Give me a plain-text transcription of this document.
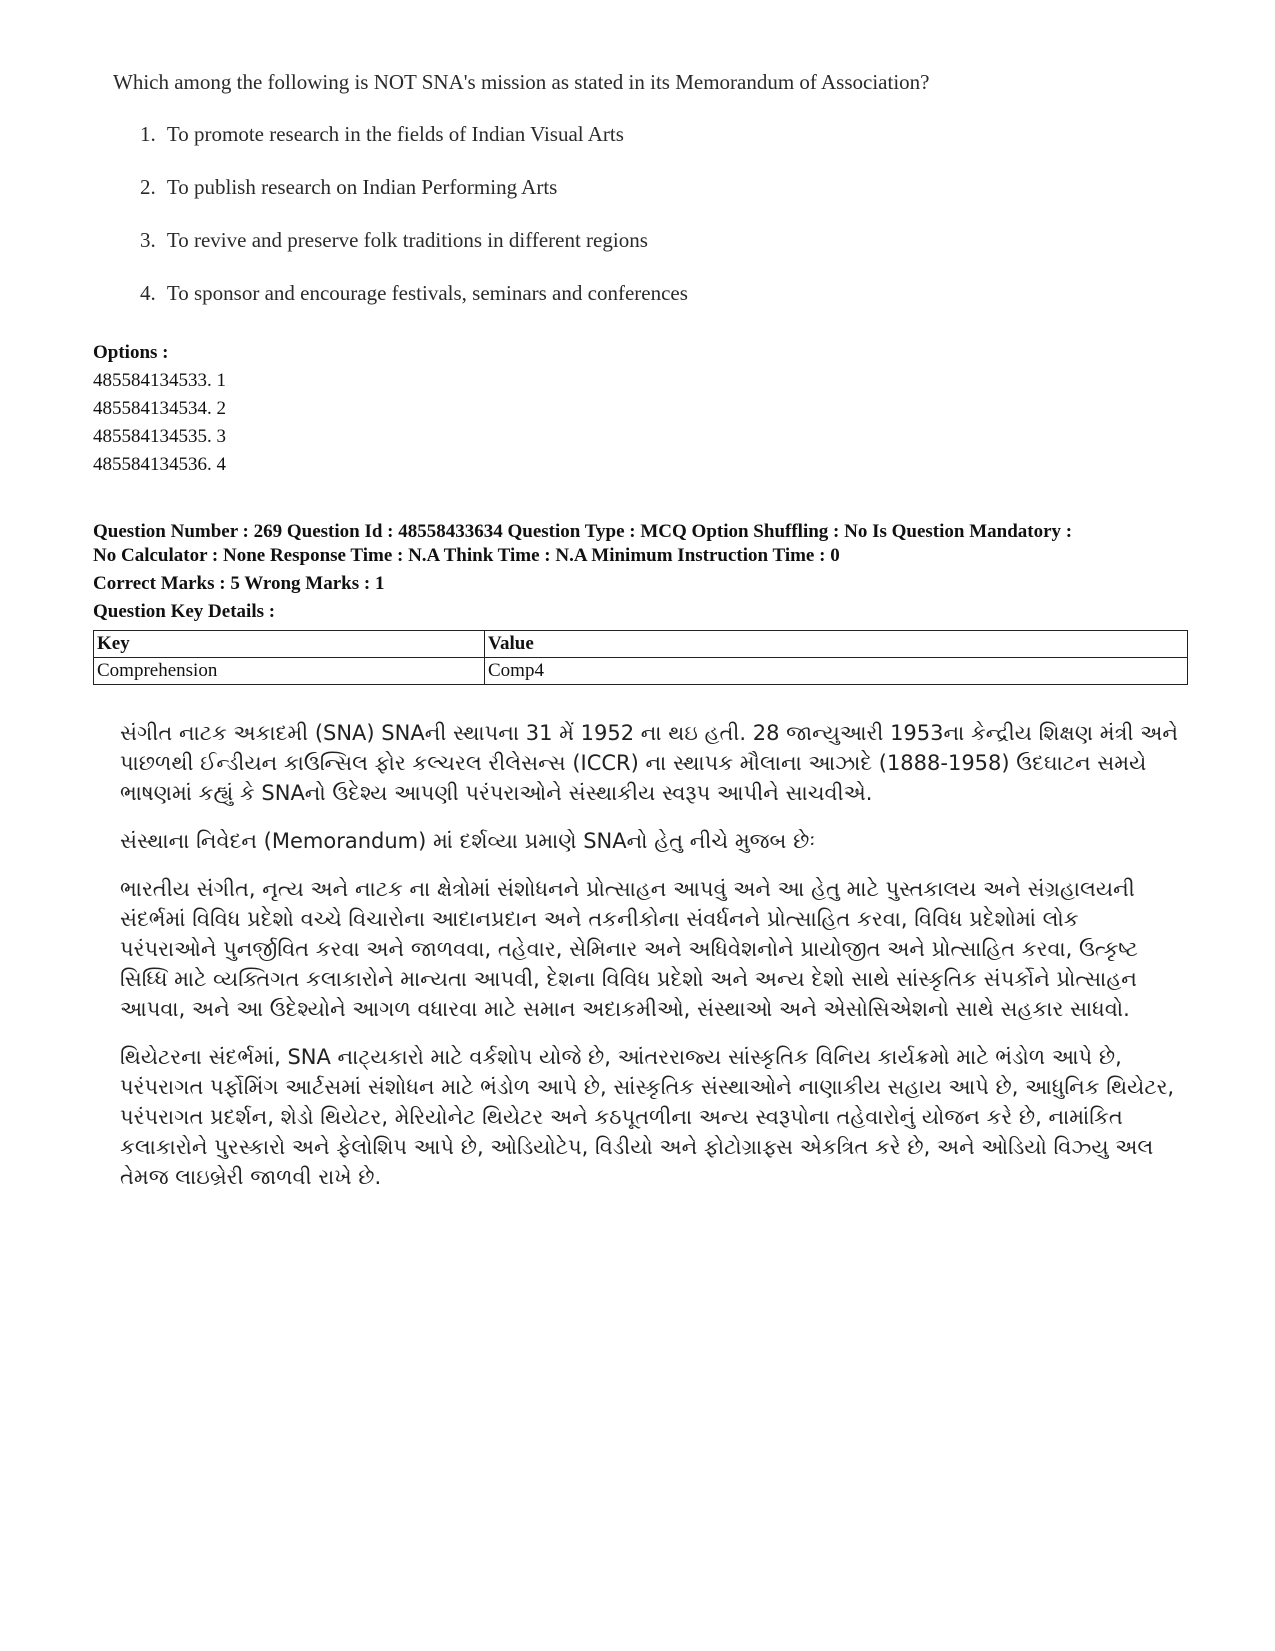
Which among the following is NOT SNA's mission as stated in its Memorandum of Association?

1. To promote research in the fields of Indian Visual Arts
2. To publish research on Indian Performing Arts
3. To revive and preserve folk traditions in different regions
4. To sponsor and encourage festivals, seminars and conferences
Options :
485584134533. 1
485584134534. 2
485584134535. 3
485584134536. 4

Question Number : 269 Question Id : 48558433634 Question Type : MCQ Option Shuffling : No Is Question Mandatory :

No Calculator : None Response Time : N.A Think Time : N.A Minimum Instruction Time : 0

Correct Marks : 5 Wrong Marks : 1

Question Key Details :

Key	Value
Comprehension	Comp4

સંગીત નાટક અકાદમી (SNA) SNAની સ્થાપના 31 મેં 1952 ના થઇ હતી. 28 જાન્યુઆરી 1953ના કેન્દ્રીય શિક્ષણ મંત્રી અને પાછળથી ઈન્ડીયન કાઉન્સિલ ફોર કલ્ચરલ રીલેસન્સ (ICCR) ના સ્થાપક મૌલાના આઝાદે (1888-1958) ઉદઘાટન સમયે ભાષણમાં કહ્યું કે SNAનો ઉદેશ્ય આપણી પરંપરાઓને સંસ્થાકીય સ્વરૂપ આપીને સાચવીએ.

સંસ્થાના નિવેદન (Memorandum) માં દર્શવ્યા પ્રમાણે SNAનો હેતુ નીચે મુજબ છેઃ

ભારતીય સંગીત, નૃત્ય અને નાટક ના ક્ષેત્રોમાં સંશોધનને પ્રોત્સાહન આપવું અને આ હેતુ માટે પુસ્તકાલય અને સંગ્રહાલયની સંદર્ભમાં વિવિધ પ્રદેશો વચ્ચે વિચારોના આદાનપ્રદાન અને તકનીકોના સંવર્ધનને પ્રોત્સાહિત કરવા, વિવિધ પ્રદેશોમાં લોક પરંપરાઓને પુનર્જીવિત કરવા અને જાળવવા, તહેવાર, સેમિનાર અને અધિવેશનોને પ્રાયોજીત અને પ્રોત્સાહિત કરવા, ઉત્કૃષ્ટ સિધ્ધિ માટે વ્યક્તિગત કલાકારોને માન્યતા આપવી, દેશના વિવિધ પ્રદેશો અને અન્ય દેશો સાથે સાંસ્કૃતિક સંપર્કોને પ્રોત્સાહન આપવા, અને આ ઉદેશ્યોને આગળ વધારવા માટે સમાન અદાકમીઓ, સંસ્થાઓ અને એસોસિએશનો સાથે સહકાર સાધવો.

થિયેટરના સંદર્ભમાં, SNA નાટ્યકારો માટે વર્કશોપ યોજે છે, આંતરરાજ્ય સાંસ્કૃતિક વિનિય કાર્યક્રમો માટે ભંડોળ આપે છે, પરંપરાગત પર્ફોમિંગ આર્ટસમાં સંશોધન માટે ભંડોળ આપે છે, સાંસ્કૃતિક સંસ્થાઓને નાણાકીય સહાય આપે છે, આધુનિક થિયેટર, પરંપરાગત પ્રદર્શન, શેડો થિયેટર, મેરિયોનેટ થિયેટર અને કઠપૂતળીના અન્ય સ્વરૂપોના તહેવારોનું યોજન કરે છે, નામાંકિત કલાકારોને પુરસ્કારો અને ફેલોશિપ આપે છે, ઓડિયોટેપ, વિડીયો અને ફોટોગ્રાફ્સ એકત્રિત કરે છે, અને ઓડિયો વિઝ્યુ અલ તેમજ લાઇબ્રેરી જાળવી રાખે છે.
